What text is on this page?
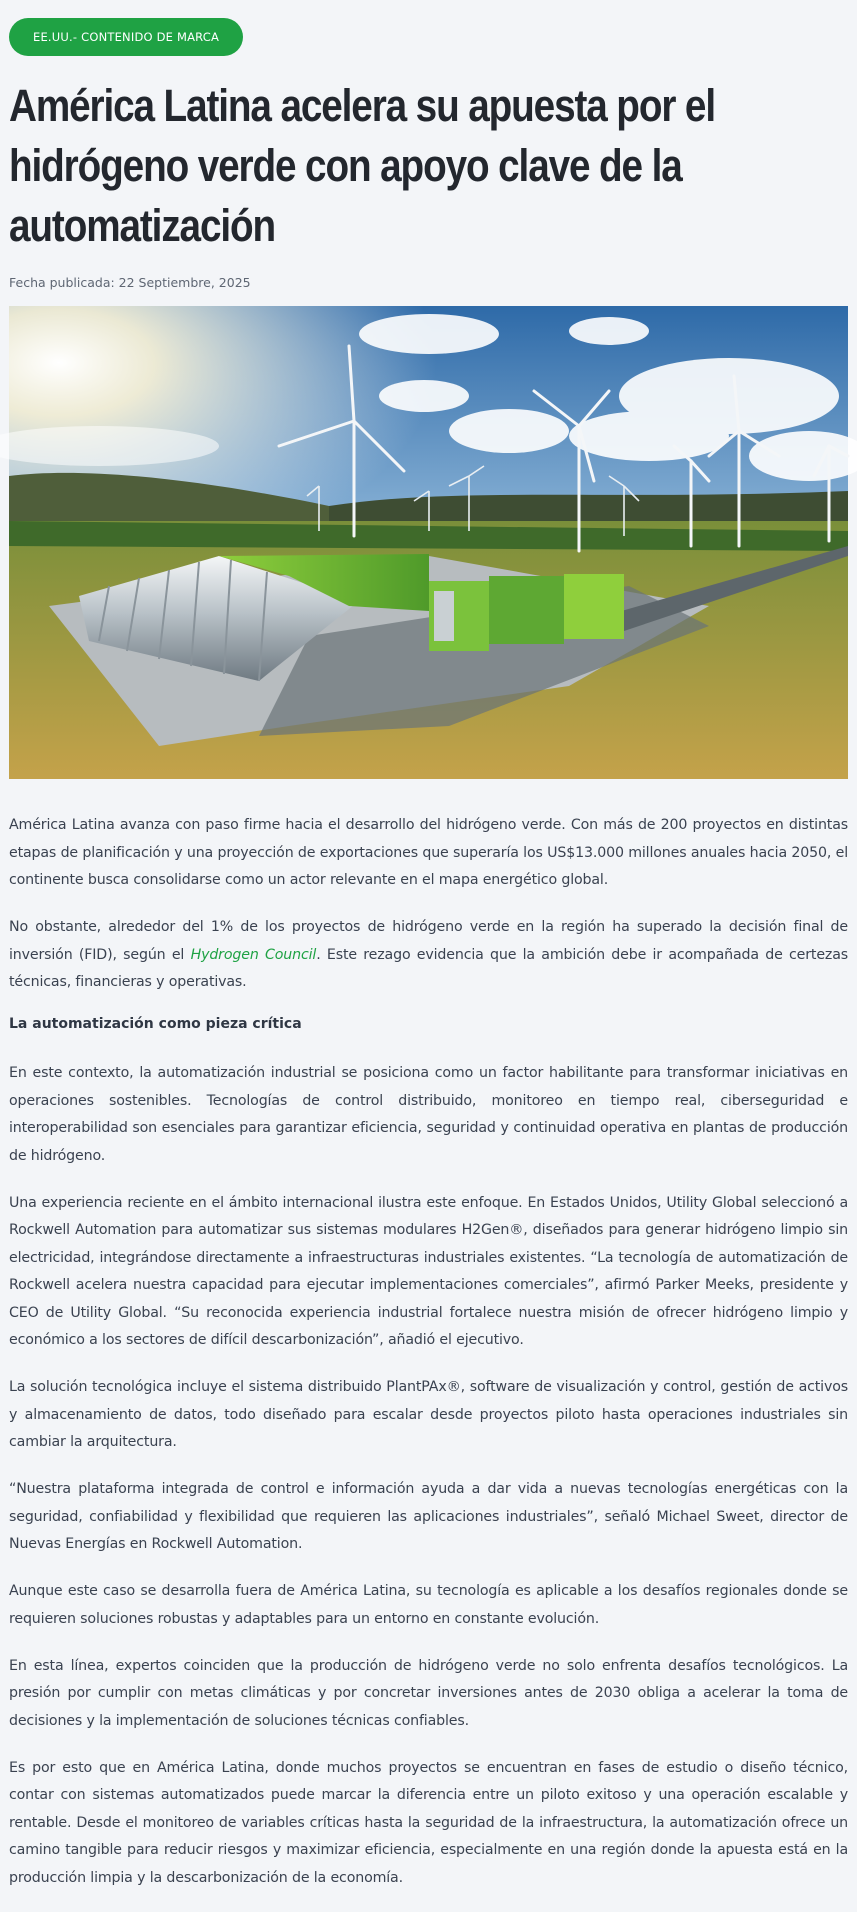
EE.UU.- CONTENIDO DE MARCA
América Latina acelera su apuesta por el hidrógeno verde con apoyo clave de la automatización
Fecha publicada: 22 Septiembre, 2025

América Latina avanza con paso firme hacia el desarrollo del hidrógeno verde. Con más de 200 proyectos en distintas etapas de planificación y una proyección de exportaciones que superaría los US$13.000 millones anuales hacia 2050, el continente busca consolidarse como un actor relevante en el mapa energético global.

No obstante, alrededor del 1% de los proyectos de hidrógeno verde en la región ha superado la decisión final de inversión (FID), según el Hydrogen Council. Este rezago evidencia que la ambición debe ir acompañada de certezas técnicas, financieras y operativas.

La automatización como pieza crítica

En este contexto, la automatización industrial se posiciona como un factor habilitante para transformar iniciativas en operaciones sostenibles. Tecnologías de control distribuido, monitoreo en tiempo real, ciberseguridad e interoperabilidad son esenciales para garantizar eficiencia, seguridad y continuidad operativa en plantas de producción de hidrógeno.

Una experiencia reciente en el ámbito internacional ilustra este enfoque. En Estados Unidos, Utility Global seleccionó a Rockwell Automation para automatizar sus sistemas modulares H2Gen®, diseñados para generar hidrógeno limpio sin electricidad, integrándose directamente a infraestructuras industriales existentes. “La tecnología de automatización de Rockwell acelera nuestra capacidad para ejecutar implementaciones comerciales”, afirmó Parker Meeks, presidente y CEO de Utility Global. “Su reconocida experiencia industrial fortalece nuestra misión de ofrecer hidrógeno limpio y económico a los sectores de difícil descarbonización”, añadió el ejecutivo.

La solución tecnológica incluye el sistema distribuido PlantPAx®, software de visualización y control, gestión de activos y almacenamiento de datos, todo diseñado para escalar desde proyectos piloto hasta operaciones industriales sin cambiar la arquitectura.

“Nuestra plataforma integrada de control e información ayuda a dar vida a nuevas tecnologías energéticas con la seguridad, confiabilidad y flexibilidad que requieren las aplicaciones industriales”, señaló Michael Sweet, director de Nuevas Energías en Rockwell Automation.

Aunque este caso se desarrolla fuera de América Latina, su tecnología es aplicable a los desafíos regionales donde se requieren soluciones robustas y adaptables para un entorno en constante evolución.

En esta línea, expertos coinciden que la producción de hidrógeno verde no solo enfrenta desafíos tecnológicos. La presión por cumplir con metas climáticas y por concretar inversiones antes de 2030 obliga a acelerar la toma de decisiones y la implementación de soluciones técnicas confiables.

Es por esto que en América Latina, donde muchos proyectos se encuentran en fases de estudio o diseño técnico, contar con sistemas automatizados puede marcar la diferencia entre un piloto exitoso y una operación escalable y rentable. Desde el monitoreo de variables críticas hasta la seguridad de la infraestructura, la automatización ofrece un camino tangible para reducir riesgos y maximizar eficiencia, especialmente en una región donde la apuesta está en la producción limpia y la descarbonización de la economía.
